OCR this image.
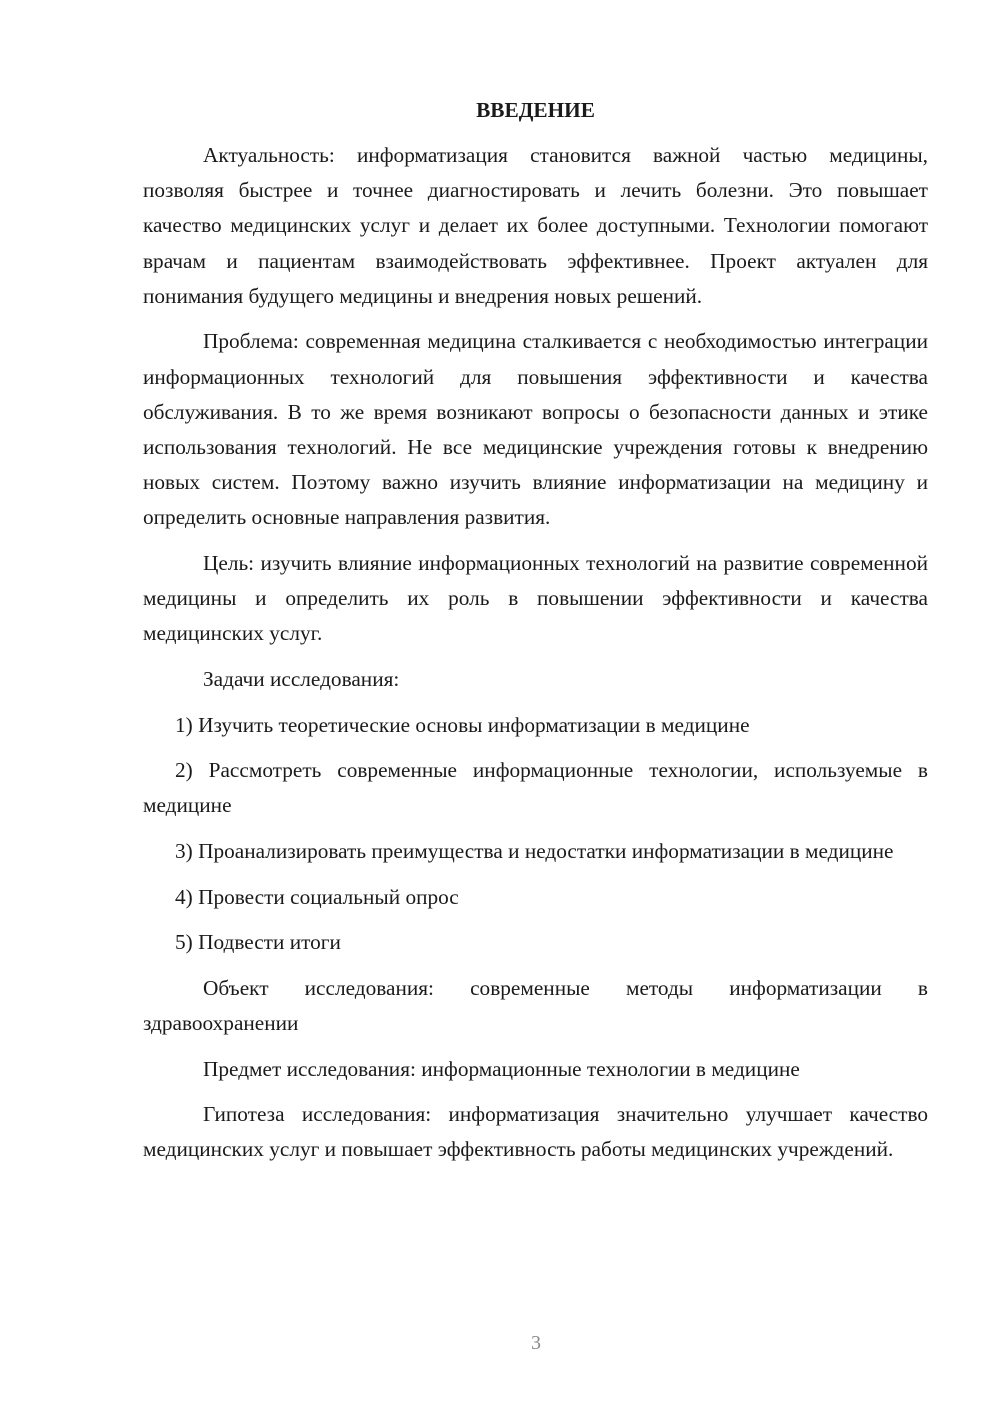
ВВЕДЕНИЕ

Актуальность: информатизация становится важной частью медицины, позволяя быстрее и точнее диагностировать и лечить болезни. Это повышает качество медицинских услуг и делает их более доступными. Технологии помогают врачам и пациентам взаимодействовать эффективнее. Проект актуален для понимания будущего медицины и внедрения новых решений.

Проблема: современная медицина сталкивается с необходимостью интеграции информационных технологий для повышения эффективности и качества обслуживания. В то же время возникают вопросы о безопасности данных и этике использования технологий. Не все медицинские учреждения готовы к внедрению новых систем. Поэтому важно изучить влияние информатизации на медицину и определить основные направления развития.

Цель: изучить влияние информационных технологий на развитие современной медицины и определить их роль в повышении эффективности и качества медицинских услуг.

Задачи исследования:

1) Изучить теоретические основы информатизации в медицине

2) Рассмотреть современные информационные технологии, используемые в медицине

3) Проанализировать преимущества и недостатки информатизации в медицине

4) Провести социальный опрос

5) Подвести итоги

Объект исследования: современные методы информатизации в здравоохранении

Предмет исследования: информационные технологии в медицине

Гипотеза исследования: информатизация значительно улучшает качество медицинских услуг и повышает эффективность работы медицинских учреждений.

3
